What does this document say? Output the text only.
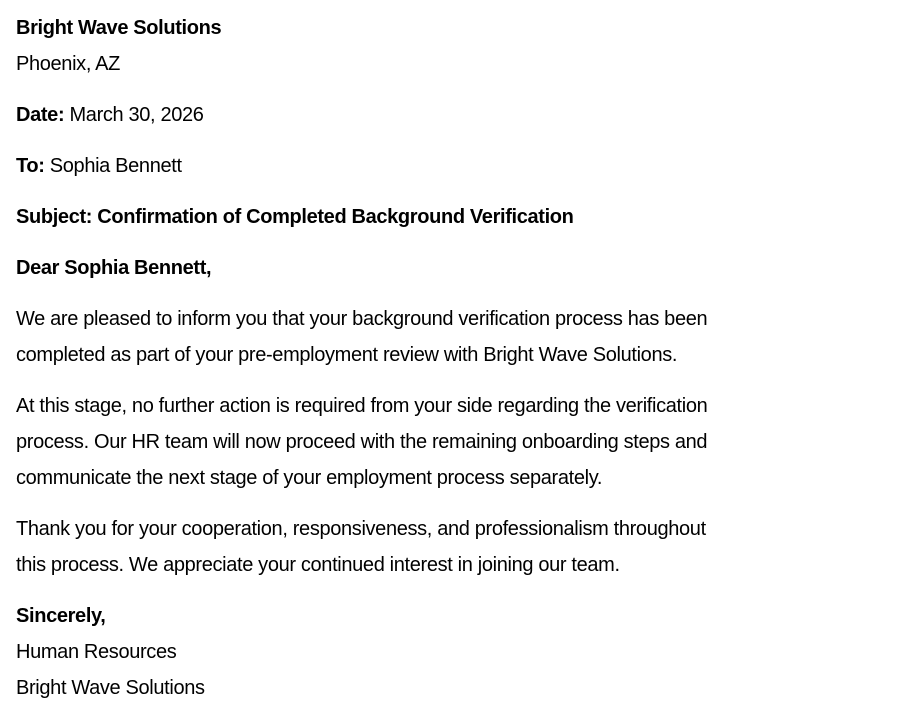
Bright Wave Solutions
Phoenix, AZ
Date: March 30, 2026
To: Sophia Bennett
Subject: Confirmation of Completed Background Verification
Dear Sophia Bennett,
We are pleased to inform you that your background verification process has been
completed as part of your pre-employment review with Bright Wave Solutions.
At this stage, no further action is required from your side regarding the verification
process. Our HR team will now proceed with the remaining onboarding steps and
communicate the next stage of your employment process separately.
Thank you for your cooperation, responsiveness, and professionalism throughout
this process. We appreciate your continued interest in joining our team.
Sincerely,
Human Resources
Bright Wave Solutions
